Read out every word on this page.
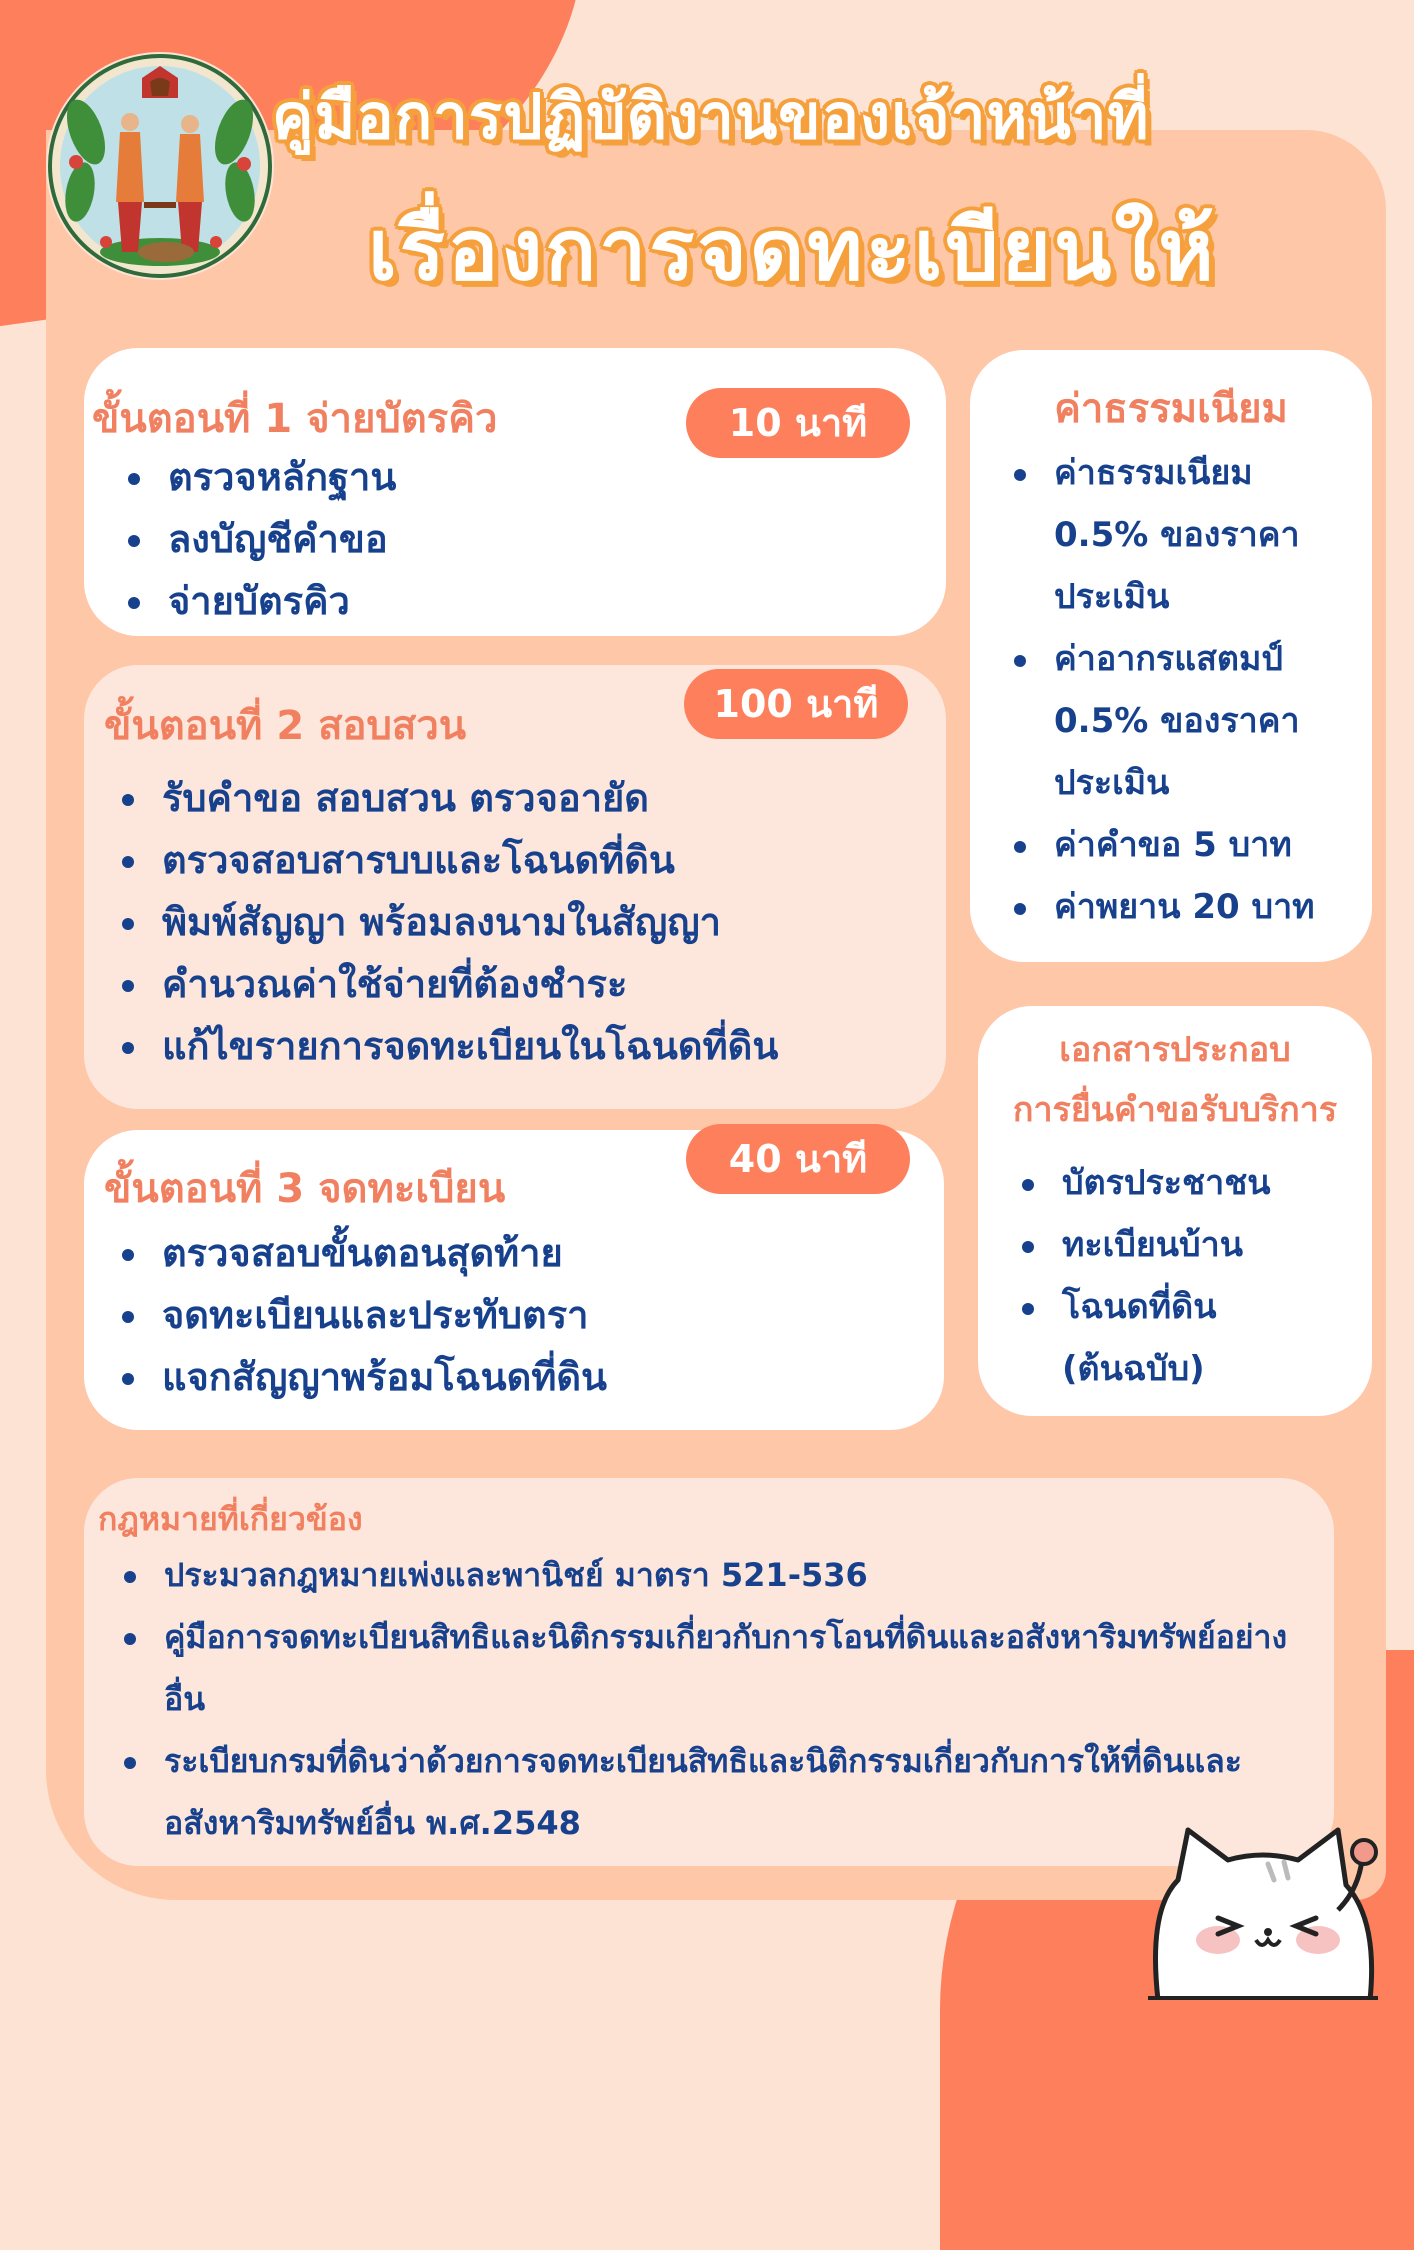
คู่มือการปฏิบัติงานของเจ้าหน้าที่
เรื่องการจดทะเบียนให้
ขั้นตอนที่ 1 จ่ายบัตรคิว	10 นาที
ตรวจหลักฐาน
ลงบัญชีคำขอ
จ่ายบัตรคิว
ขั้นตอนที่ 2 สอบสวน	100 นาที
รับคำขอ สอบสวน ตรวจอายัด
ตรวจสอบสารบบและโฉนดที่ดิน
พิมพ์สัญญา พร้อมลงนามในสัญญา
คำนวณค่าใช้จ่ายที่ต้องชำระ
แก้ไขรายการจดทะเบียนในโฉนดที่ดิน
ขั้นตอนที่ 3 จดทะเบียน
40 นาที
ตรวจสอบขั้นตอนสุดท้าย
จดทะเบียนและประทับตรา
แจกสัญญาพร้อมโฉนดที่ดิน
ค่าธรรมเนียม
ค่าธรรมเนียม 0.5% ของราคาประเมิน
ค่าอากรแสตมป์ 0.5% ของราคาประเมิน
ค่าคำขอ 5 บาท
ค่าพยาน 20 บาท
เอกสารประกอบ
การยื่นคำขอรับบริการ
บัตรประชาชน
ทะเบียนบ้าน
โฉนดที่ดิน (ต้นฉบับ)
กฎหมายที่เกี่ยวข้อง
ประมวลกฎหมายเพ่งและพานิชย์ มาตรา 521-536
คู่มือการจดทะเบียนสิทธิและนิติกรรมเกี่ยวกับการโอนที่ดินและอสังหาริมทรัพย์อย่างอื่น
ระเบียบกรมที่ดินว่าด้วยการจดทะเบียนสิทธิและนิติกรรมเกี่ยวกับการให้ที่ดินและอสังหาริมทรัพย์อื่น พ.ศ.2548
